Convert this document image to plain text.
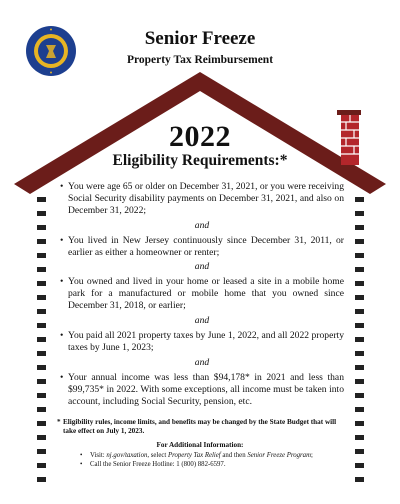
Senior Freeze
Property Tax Reimbursement
2022
Eligibility Requirements:*
• You were age 65 or older on December 31, 2021, or you were receiving Social Security disability payments on December 31, 2021, and also on December 31, 2022;
and
• You lived in New Jersey continuously since December 31, 2011, or earlier as either a homeowner or renter;
and
• You owned and lived in your home or leased a site in a mobile home park for a manufactured or mobile home that you owned since December 31, 2018, or earlier;
and
• You paid all 2021 property taxes by June 1, 2022, and all 2022 property taxes by June 1, 2023;
and
• Your annual income was less than $94,178* in 2021 and less than $99,735* in 2022. With some exceptions, all income must be taken into account, including Social Security, pension, etc.
* Eligibility rules, income limits, and benefits may be changed by the State Budget that will take effect on July 1, 2023.
For Additional Information:
• Visit: nj.gov/taxation, select Property Tax Relief and then Senior Freeze Program;
• Call the Senior Freeze Hotline: 1 (800) 882-6597.
